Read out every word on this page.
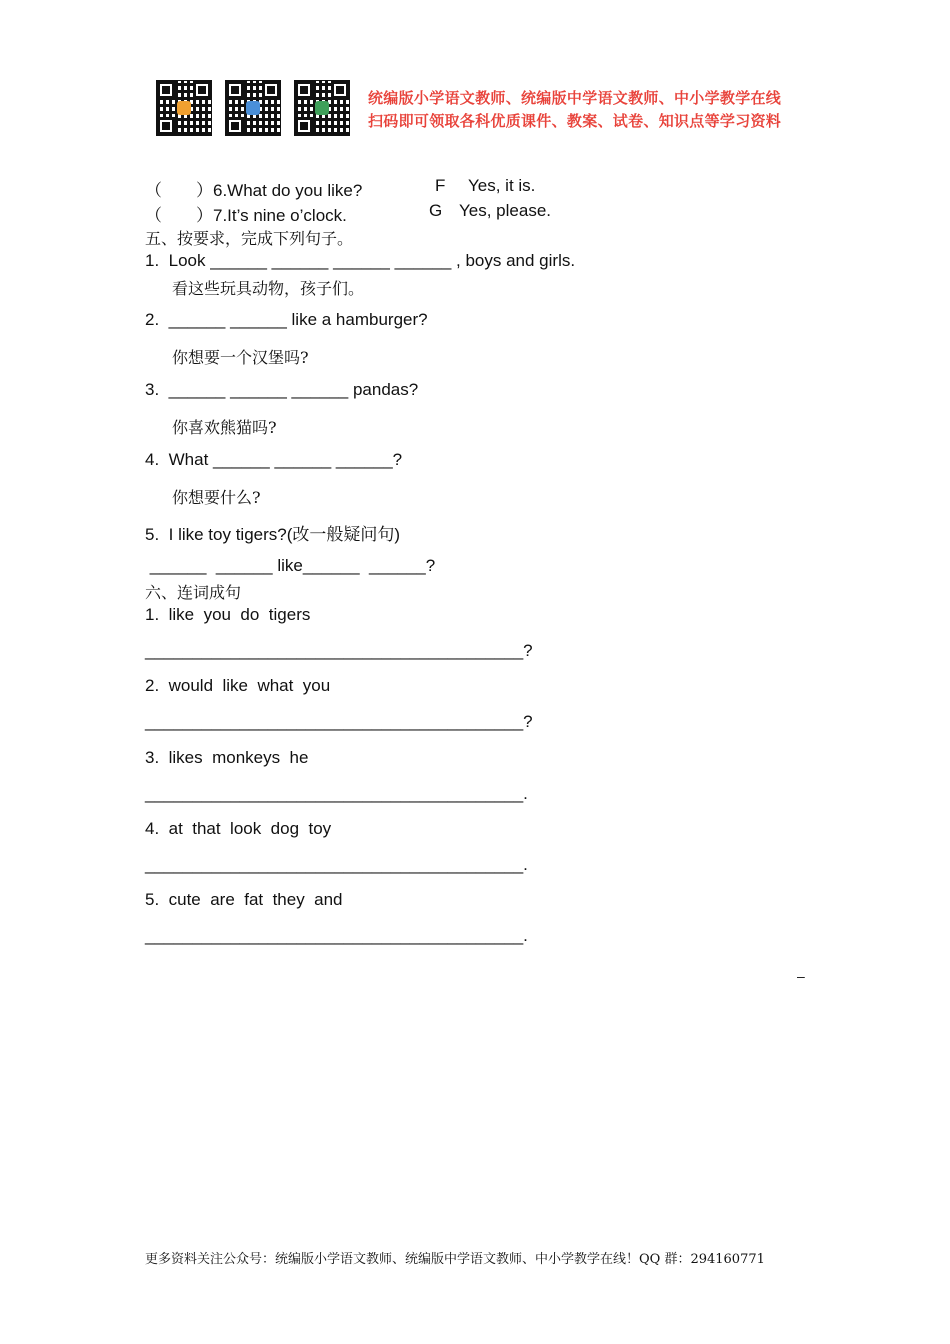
统编版小学语文教师、统编版中学语文教师、中小学教学在线
扫码即可领取各科优质课件、教案、试卷、知识点等学习资料
（　　）6.What do you like?	F Yes, it is.
（　　）7.It’s nine o’clock.	G Yes, please.
五、按要求，完成下列句子。
1.  Look ______ ______ ______ ______ , boys and girls.
看这些玩具动物，孩子们。
2.  ______ ______ like a hamburger?
你想要一个汉堡吗?
3.  ______ ______ ______ pandas?
你喜欢熊猫吗?
4.  What ______ ______ ______?
你想要什么?
5.  I like toy tigers?(改一般疑问句)
______  ______ like______  ______?
六、连词成句
1.  like  you  do  tigers
________________________________________?
2.  would  like  what  you
________________________________________?
3.  likes  monkeys  he
________________________________________.
4.  at  that  look  dog  toy
________________________________________.
5.  cute  are  fat  they  and
________________________________________.
–
更多资料关注公众号：统编版小学语文教师、统编版中学语文教师、中小学教学在线！QQ 群：294160771
